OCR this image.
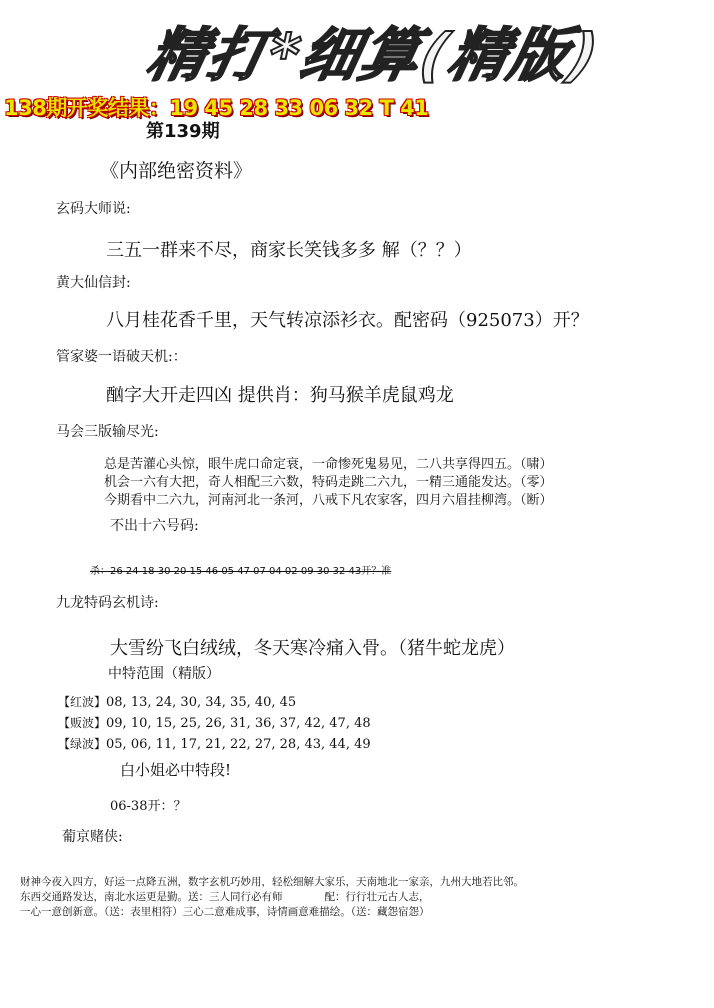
精打*细算(精版)
138期开奖结果：19 45 28 33 06 32 T 41
第139期
《内部绝密资料》
玄码大师说:
三五一群来不尽，商家长笑钱多多 解（？？）
黄大仙信封:
八月桂花香千里，天气转凉添衫衣。配密码（925073）开？
管家婆一语破天机:：
酗字大开走四凶 提供肖：狗马猴羊虎鼠鸡龙
马会三版输尽光:
总是苦灌心头惊，眼牛虎口命定衰，一命惨死鬼易见，二八共享得四五。（啸）
机会一六有大把，奇人相配三六数，特码走跳二六九，一精三通能发达。（零）
今期看中二六九，河南河北一条河，八戒下凡农家客，四月六眉挂柳湾。（断）
不出十六号码:
杀：26 24 18 30 20 15 46 05 47 07 04 02 09 30 32 43开？准
九龙特码玄机诗:
大雪纷飞白绒绒，冬天寒冷痛入骨。（猪牛蛇龙虎）
中特范围（精版）
【红波】08, 13, 24, 30, 34, 35, 40, 45
【贩波】09, 10, 15, 25, 26, 31, 36, 37, 42, 47, 48
【绿波】05, 06, 11, 17, 21, 22, 27, 28, 43, 44, 49
白小姐必中特段!
06-38开：？
葡京赌侠:
财神今夜入四方，好运一点降五洲，数字玄机巧妙用，轻松细解大家乐，天南地北一家亲，九州大地若比邻。
东西交通路发达，南北水运更是勤。送：三人同行必有师　　　　配：行行壮元古人志，
一心一意创新意。（送：表里相符）三心二意难成事，诗情画意难描绘。（送：藏怨宿怨）
